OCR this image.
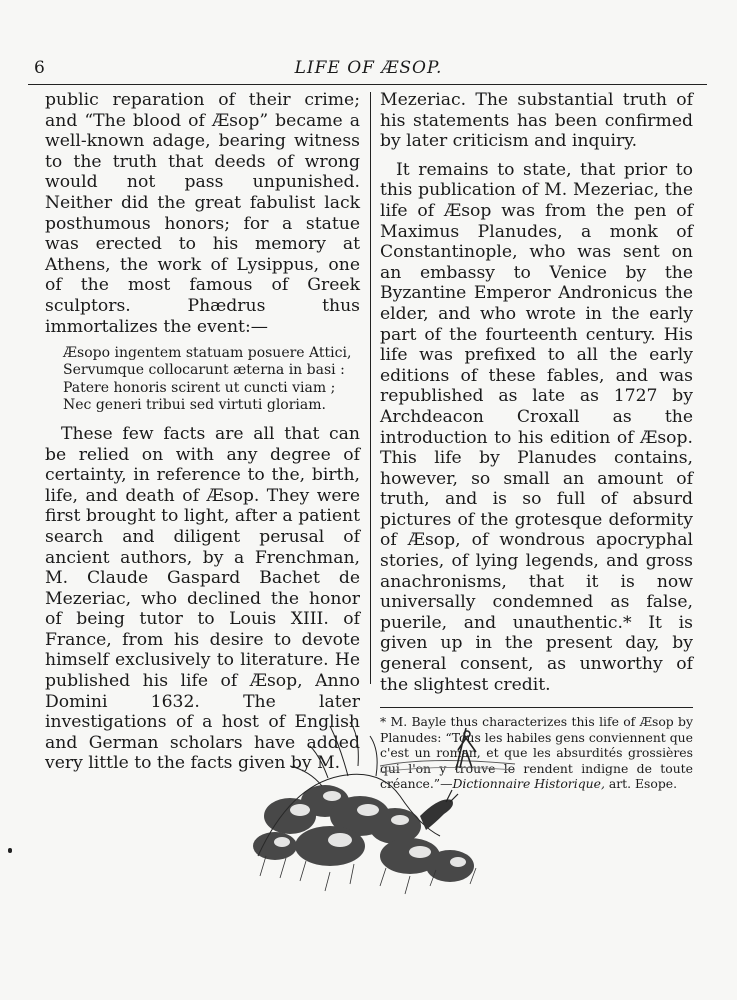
6	LIFE OF ÆSOP.

public reparation of their crime; and “The blood of Æsop” became a well-known adage, bearing witness to the truth that deeds of wrong would not pass unpunished. Neither did the great fabulist lack posthumous honors; for a statue was erected to his memory at Athens, the work of Lysippus, one of the most famous of Greek sculptors. Phædrus thus immortalizes the event:—

Æsopo ingentem statuam posuere Attici,
Servumque collocarunt æterna in basi :
Patere honoris scirent ut cuncti viam ;
Nec generi tribui sed virtuti gloriam.

These few facts are all that can be relied on with any degree of certainty, in reference to the, birth, life, and death of Æsop. They were first brought to light, after a patient search and diligent perusal of ancient authors, by a Frenchman, M. Claude Gaspard Bachet de Mezeriac, who declined the honor of being tutor to Louis XIII. of France, from his desire to devote himself exclusively to literature. He published his life of Æsop, Anno Domini 1632. The later investigations of a host of English and German scholars have added very little to the facts given by M.

Mezeriac. The substantial truth of his statements has been confirmed by later criticism and inquiry.

It remains to state, that prior to this publication of M. Mezeriac, the life of Æsop was from the pen of Maximus Planudes, a monk of Constantinople, who was sent on an embassy to Venice by the Byzantine Emperor Andronicus the elder, and who wrote in the early part of the fourteenth century. His life was prefixed to all the early editions of these fables, and was republished as late as 1727 by Archdeacon Croxall as the introduction to his edition of Æsop. This life by Planudes contains, however, so small an amount of truth, and is so full of absurd pictures of the grotesque deformity of Æsop, of wondrous apocryphal stories, of lying legends, and gross anachronisms, that it is now universally condemned as false, puerile, and unauthentic.* It is given up in the present day, by general consent, as unworthy of the slightest credit.

* M. Bayle thus characterizes this life of Æsop by Planudes: “Tous les habiles gens conviennent que c'est un roman, et que les absurdités grossières qui l'on y trouve le rendent indigne de toute créance.”—Dictionnaire Historique, art. Esope.
